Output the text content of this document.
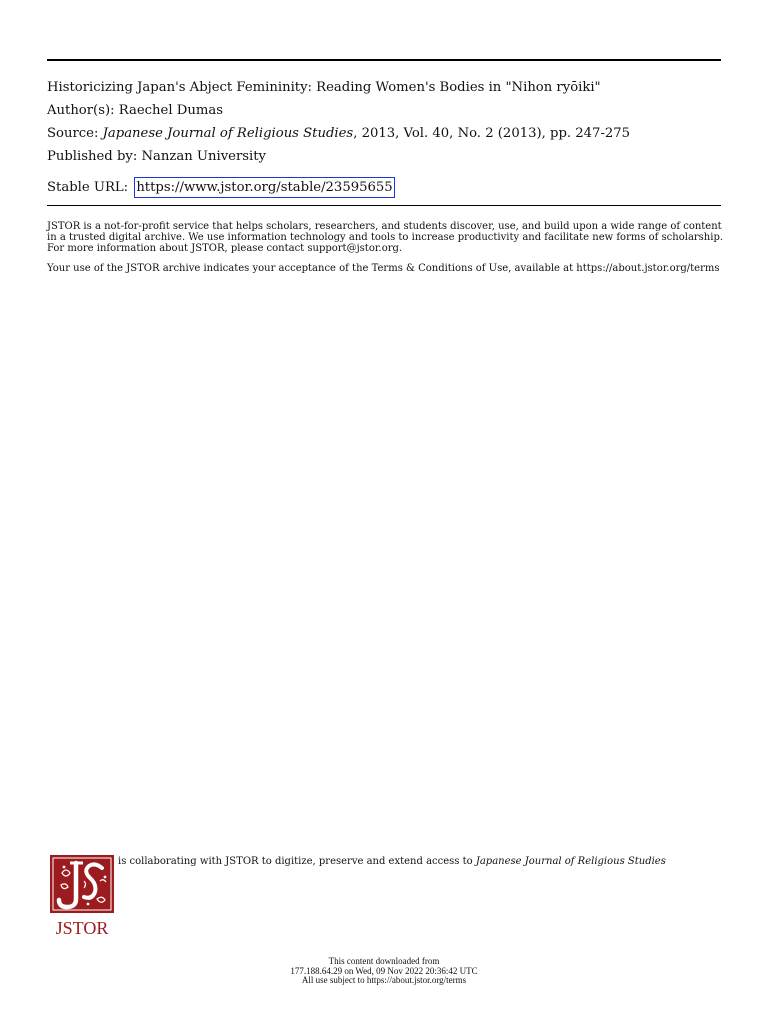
Historicizing Japan's Abject Femininity: Reading Women's Bodies in "Nihon ryōiki"
Author(s): Raechel Dumas
Source: Japanese Journal of Religious Studies, 2013, Vol. 40, No. 2 (2013), pp. 247-275
Published by: Nanzan University
Stable URL: https://www.jstor.org/stable/23595655
JSTOR is a not-for-profit service that helps scholars, researchers, and students discover, use, and build upon a wide range of content in a trusted digital archive. We use information technology and tools to increase productivity and facilitate new forms of scholarship. For more information about JSTOR, please contact support@jstor.org.
Your use of the JSTOR archive indicates your acceptance of the Terms & Conditions of Use, available at https://about.jstor.org/terms
JSTOR
is collaborating with JSTOR to digitize, preserve and extend access to Japanese Journal of Religious Studies
This content downloaded from
177.188.64.29 on Wed, 09 Nov 2022 20:36:42 UTC
All use subject to https://about.jstor.org/terms
